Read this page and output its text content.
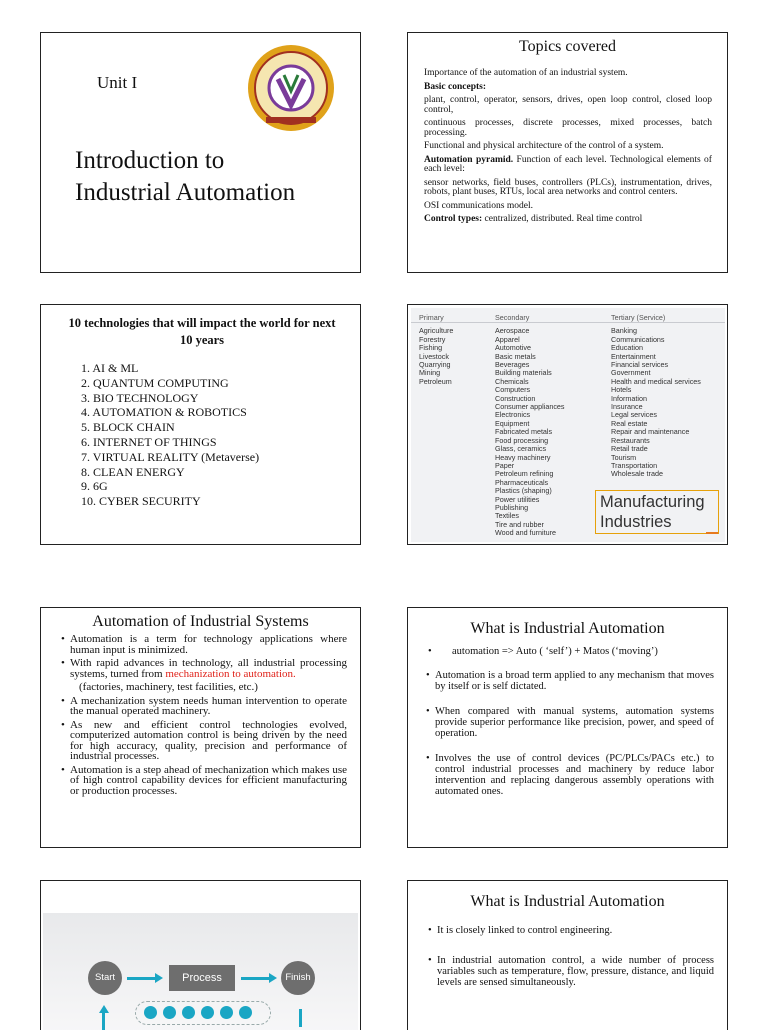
Unit I
Introduction to
Industrial Automation
Topics covered

Importance of the automation of an industrial system.

Basic concepts:

plant, control, operator, sensors, drives, open loop control, closed loop control,

continuous processes, discrete processes, mixed processes, batch processing.

Functional and physical architecture of the control of a system.

Automation pyramid. Function of each level. Technological elements of each level:

sensor networks, field buses, controllers (PLCs), instrumentation, drives, robots, plant buses, RTUs, local area networks and control centers.

OSI communications model.

Control types: centralized, distributed. Real time control

10 technologies that will impact the world for next 10 years
1. AI & ML
2. QUANTUM COMPUTING
3. BIO TECHNOLOGY
4. AUTOMATION & ROBOTICS
5. BLOCK CHAIN
6. INTERNET OF THINGS
7. VIRTUAL REALITY (Metaverse)
8. CLEAN ENERGY
9. 6G
10. CYBER SECURITY
Primary
Agriculture
Forestry
Fishing
Livestock
Quarrying
Mining
Petroleum
Secondary
Aerospace
Apparel
Automotive
Basic metals
Beverages
Building materials
Chemicals
Computers
Construction
Consumer appliances
Electronics
Equipment
Fabricated metals
Food processing
Glass, ceramics
Heavy machinery
Paper
Petroleum refining
Pharmaceuticals
Plastics (shaping)
Power utilities
Publishing
Textiles
Tire and rubber
Wood and furniture
Tertiary (Service)
Banking
Communications
Education
Entertainment
Financial services
Government
Health and medical services
Hotels
Information
Insurance
Legal services
Real estate
Repair and maintenance
Restaurants
Retail trade
Tourism
Transportation
Wholesale trade
Manufacturing
Industries
Automation of Industrial Systems
• Automation is a term for technology applications where human input is minimized.
• With rapid advances in technology, all industrial processing systems, turned from mechanization to automation.
(factories, machinery, test facilities, etc.)
• A mechanization system needs human intervention to operate the manual operated machinery.
• As new and efficient control technologies evolved, computerized automation control is being driven by the need for high accuracy, quality, precision and performance of industrial processes.
• Automation is a step ahead of mechanization which makes use of high control capability devices for efficient manufacturing or production processes.
What is Industrial Automation
• automation => Auto ( ‘self’) + Matos (‘moving’)
• Automation is a broad term applied to any mechanism that moves by itself or is self dictated.
• When compared with manual systems, automation systems provide superior performance like precision, power, and speed of operation.
• Involves the use of control devices (PC/PLCs/PACs etc.) to control industrial processes and machinery by reduce labor intervention and replacing dangerous assembly operations with automated ones.
Start	Process	Finish
What is Industrial Automation
• It is closely linked to control engineering.
• In industrial automation control, a wide number of process variables such as temperature, flow, pressure, distance, and liquid levels are sensed simultaneously.
